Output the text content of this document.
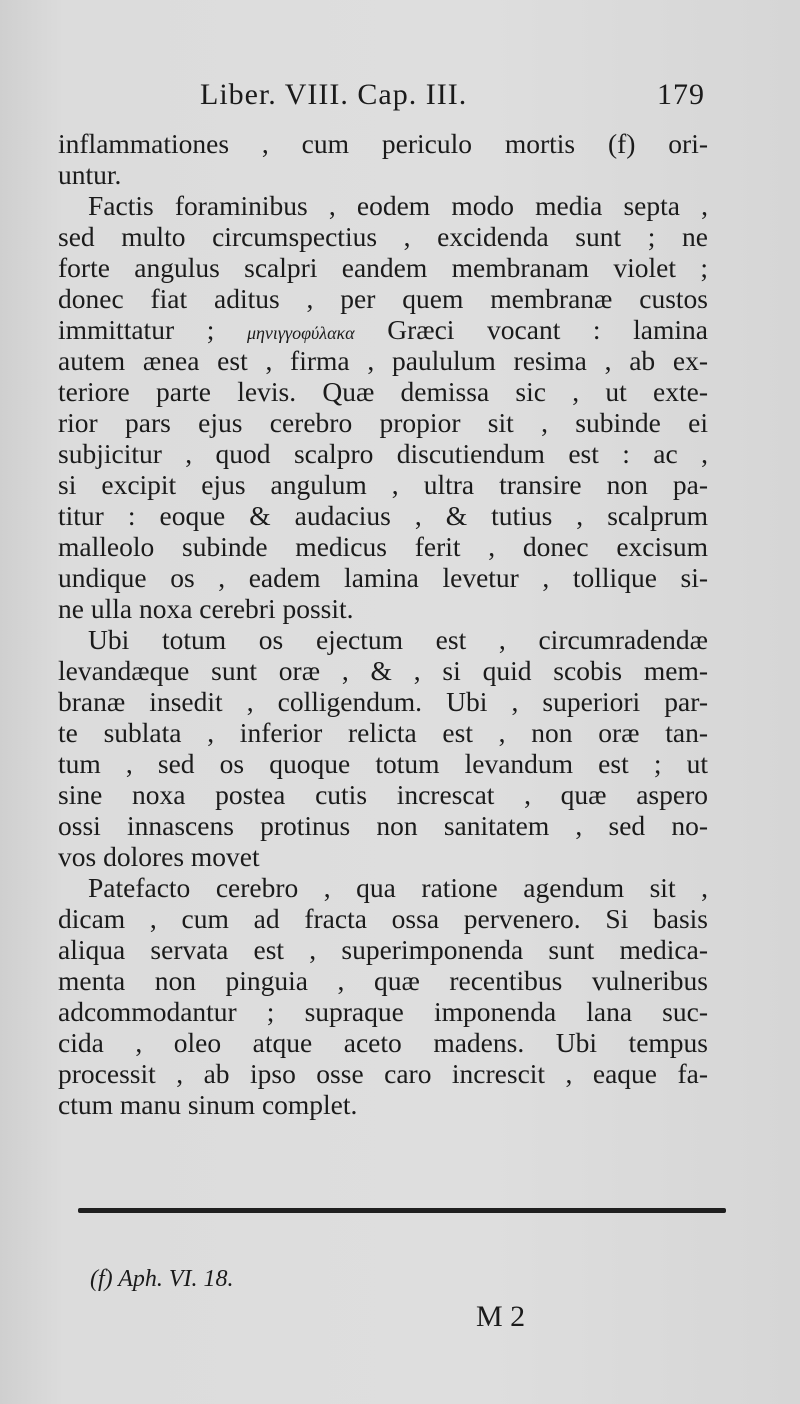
Liber. VIII. Cap. III.	179
inflammationes , cum periculo mortis (f) ori-
untur.
Factis foraminibus , eodem modo media septa ,
sed multo circumspectius , excidenda sunt ; ne
forte angulus scalpri eandem membranam violet ;
donec fiat aditus , per quem membranæ custos
immittatur ; μηνιγγοφύλακα Græci vocant : lamina
autem ænea est , firma , paululum resima , ab ex-
teriore parte levis. Quæ demissa sic , ut exte-
rior pars ejus cerebro propior sit , subinde ei
subjicitur , quod scalpro discutiendum est : ac ,
si excipit ejus angulum , ultra transire non pa-
titur : eoque & audacius , & tutius , scalprum
malleolo subinde medicus ferit , donec excisum
undique os , eadem lamina levetur , tollique si-
ne ulla noxa cerebri possit.
Ubi totum os ejectum est , circumradendæ
levandæque sunt oræ , & , si quid scobis mem-
branæ insedit , colligendum. Ubi , superiori par-
te sublata , inferior relicta est , non oræ tan-
tum , sed os quoque totum levandum est ; ut
sine noxa postea cutis increscat , quæ aspero
ossi innascens protinus non sanitatem , sed no-
vos dolores movet
Patefacto cerebro , qua ratione agendum sit ,
dicam , cum ad fracta ossa pervenero. Si basis
aliqua servata est , superimponenda sunt medica-
menta non pinguia , quæ recentibus vulneribus
adcommodantur ; supraque imponenda lana suc-
cida , oleo atque aceto madens. Ubi tempus
processit , ab ipso osse caro increscit , eaque fa-
ctum manu sinum complet.
(f) Aph. VI. 18.
M 2
